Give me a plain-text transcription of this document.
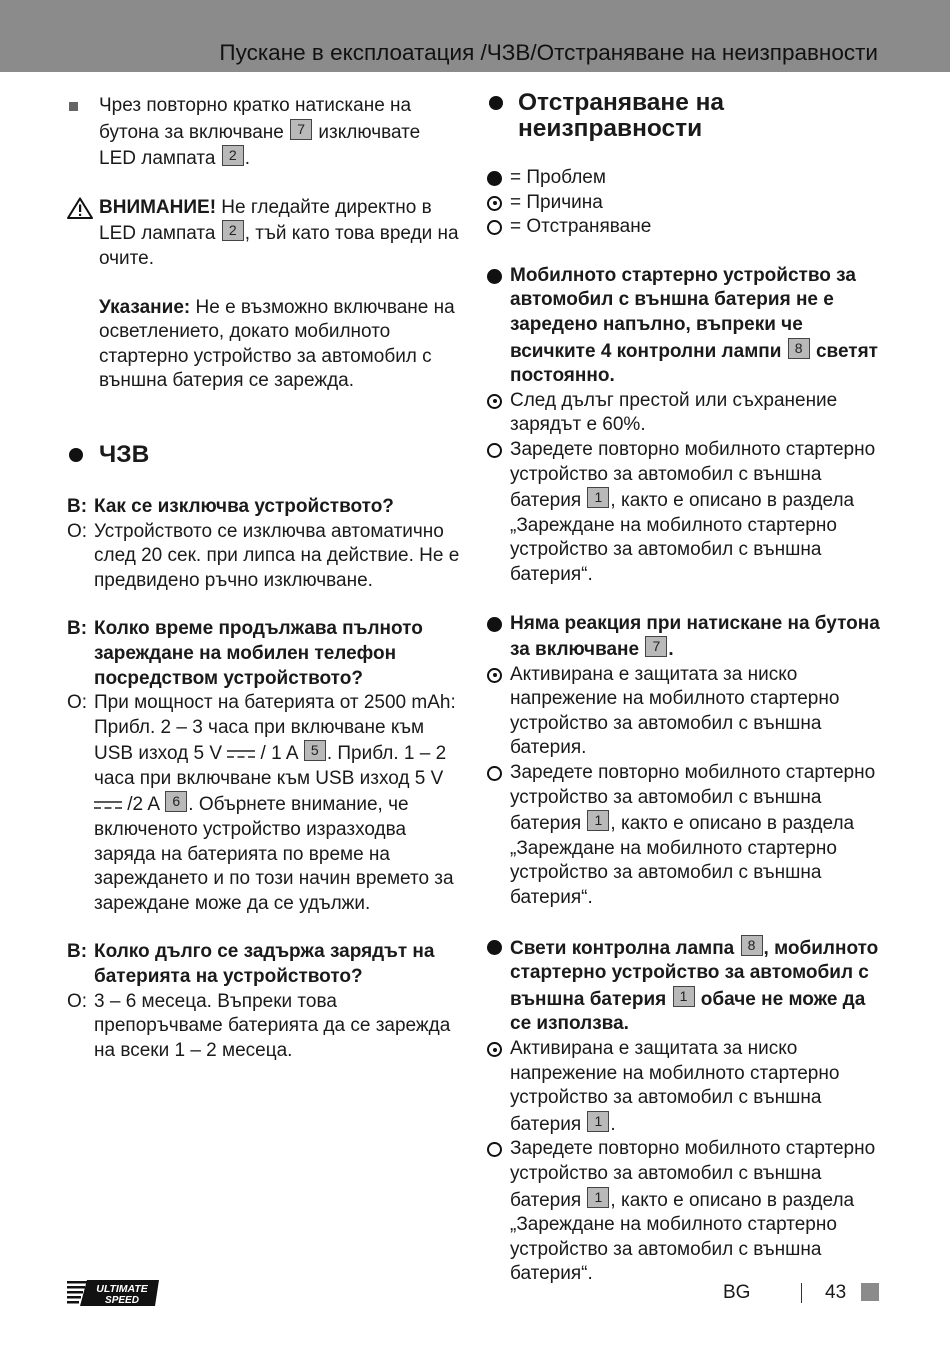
Пускане в експлоатация /ЧЗВ/Отстраняване на неизправности

Чрез повторно кратко натискане на бутона за включване 7 изключвате LED лампата 2 .

ВНИМАНИЕ! Не гледайте директно в LED лампата 2 , тъй като това вреди на очите.

Указание: Не е възможно включване на осветлението, докато мобилното стартерно устройство за автомобил с външна батерия се зарежда.

ЧЗВ
В: Как се изключва устройството?
О: Устройството се изключва автоматично след 20 сек. при липса на действие. Не е предвидено ръчно изключване.
В: Колко време продължава пълното зареждане на мобилен телефон посредством устройството?
О: При мощност на батерията от 2500 mAh: Прибл. 2 – 3 часа при включване към USB изход 5 V  / 1 A 5 . Прибл. 1 – 2 часа при включване към USB изход 5 V  /2 A 6 . Обърнете внимание, че включеното устройство изразходва заряда на батерията по време на зареждането и по този начин времето за зареждане може да се удължи.
В: Колко дълго се задържа зарядът на батерията на устройството?
О: 3 – 6 месеца. Въпреки това препоръчваме батерията да се зарежда на всеки 1 – 2 месеца.
Отстраняване на неизправности
= Проблем
= Причина
= Отстраняване
Мобилното стартерно устройство за автомобил с външна батерия не е заредено напълно, въпреки че всичките 4 контролни лампи 8 светят постоянно.
След дълъг престой или съхранение зарядът е 60%.
Заредете повторно мобилното стартерно устройство за автомобил с външна батерия 1 , както е описано в раздела „Зареждане на мобилното стартерно устройство за автомобил с външна батерия“.
Няма реакция при натискане на бутона за включване 7 .
Активирана е защитата за ниско напрежение на мобилното стартерно устройство за автомобил с външна батерия.
Заредете повторно мобилното стартерно устройство за автомобил с външна батерия 1 , както е описано в раздела „Зареждане на мобилното стартерно устройство за автомобил с външна батерия“.
Свети контролна лампа 8 , мобилното стартерно устройство за автомобил с външна батерия 1 обаче не може да се използва.
Активирана е защитата за ниско напрежение на мобилното стартерно устройство за автомобил с външна батерия 1 .
Заредете повторно мобилното стартерно устройство за автомобил с външна батерия 1 , както е описано в раздела „Зареждане на мобилното стартерно устройство за автомобил с външна батерия“.
ULTIMATE
SPEED	BG	43
